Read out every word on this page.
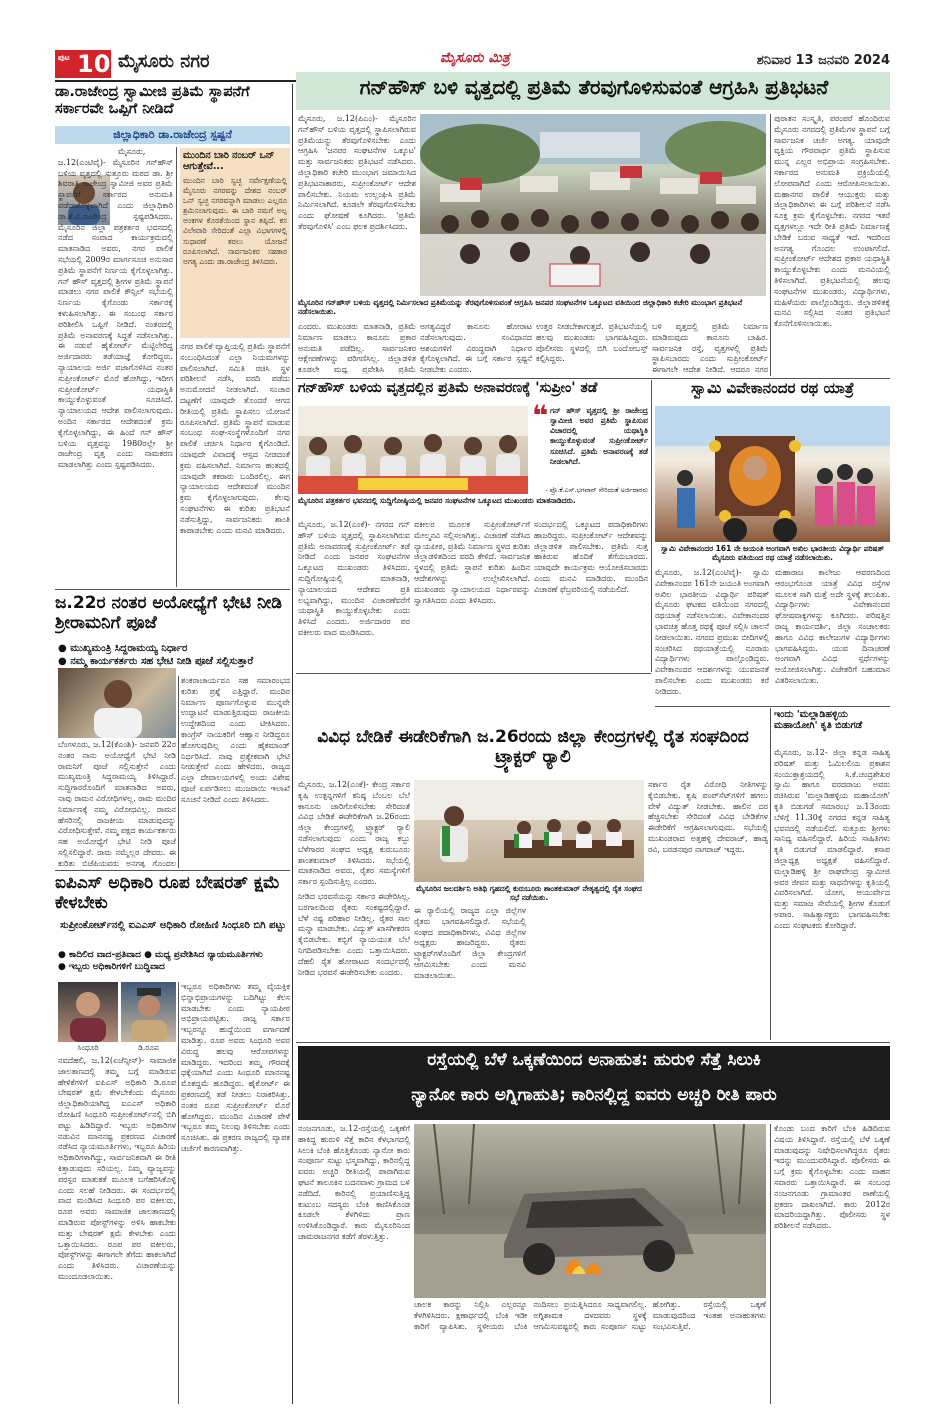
ಪುಟ 10 ಮೈಸೂರು ನಗರ	ಮೈಸೂರು ಮಿತ್ರ	ಶನಿವಾರ 13 ಜನವರಿ 2024
ಡಾ.ರಾಜೇಂದ್ರ ಸ್ವಾಮೀಜಿ ಪ್ರತಿಮೆ ಸ್ಥಾಪನೆಗೆ ಸರ್ಕಾರವೇ ಒಪ್ಪಿಗೆ ನೀಡಿದೆ
ಜಿಲ್ಲಾಧಿಕಾರಿ ಡಾ.ರಾಜೇಂದ್ರ ಸ್ಪಷ್ಟನೆ
ಮೈಸೂರು, ಜ.12(ಎಂಟಿವೈ)- ಮೈಸೂರಿನ ಗನ್‌ಹೌಸ್ ಬಳಿಯ ವೃತ್ತದಲ್ಲಿ ಸುತ್ತೂರು ಮಠದ ಡಾ. ಶ್ರೀ ಶಿವರಾತ್ರಿ ರಾಜೇಂದ್ರ ಸ್ವಾಮೀಜಿ ಅವರ ಪ್ರತಿಮೆ ಸ್ಥಾಪನೆಗೆ ಸರ್ಕಾರದ ಅನುಮತಿ ಪಡೆದುಕೊಳ್ಳಲಾಗಿದೆ ಎಂದು ಜಿಲ್ಲಾಧಿಕಾರಿ ಡಾ.ಕೆ.ವಿ.ರಾಜೇಂದ್ರ ಸ್ಪಷ್ಟಪಡಿಸಿದರು. ಮೈಸೂರಿನ ಜಿಲ್ಲಾ ಪತ್ರಕರ್ತರ ಭವನದಲ್ಲಿ ನಡೆದ ಸಂವಾದ ಕಾರ್ಯಕ್ರಮದಲ್ಲಿ ಮಾತನಾಡಿದ ಅವರು, ನಗರ ಪಾಲಿಕೆ ಸಭೆಯಲ್ಲಿ 2009ರ ಮಾರ್ಗಸೂಚಿ ಅನುಸಾರ ಪ್ರತಿಮೆ ಸ್ಥಾಪನೆಗೆ ನಿರ್ಣಯ ಕೈಗೊಳ್ಳಲಾಗಿತ್ತು. ಗನ್ ಹೌಸ್ ವೃತ್ತದಲ್ಲಿ ಶ್ರೀಗಳ ಪ್ರತಿಮೆ ಸ್ಥಾಪನೆ ಮಾಡಲು ನಗರ ಪಾಲಿಕೆ ಕೌನ್ಸಿಲ್ ಸಭೆಯಲ್ಲಿ ನಿರ್ಣಯ ಕೈಗೊಂಡು ಸರ್ಕಾರಕ್ಕೆ ಕಳುಹಿಸಲಾಗಿತ್ತು. ಈ ಸಂಬಂಧ ಸರ್ಕಾರ ಪರಿಶೀಲಿಸಿ ಒಪ್ಪಿಗೆ ನೀಡಿದೆ. ನಂತರದಲ್ಲಿ ಪ್ರತಿಮೆ ಅನಾವರಣಕ್ಕೆ ಸಿದ್ಧತೆ ನಡೆಸಲಾಗಿತ್ತು. ಈ ನಡುವೆ ಹೈಕೋರ್ಟ್ ಮೆಟ್ಟಿಲೇರಿದ್ದ ಅರ್ಜಿದಾರರು ತಡೆಯಾಜ್ಞೆ ಕೋರಿದ್ದರು. ನ್ಯಾಯಾಲಯ ಅರ್ಜಿ ವಜಾಗೊಳಿಸಿದ ನಂತರ ಸುಪ್ರೀಂಕೋರ್ಟ್ ಮೊರೆ ಹೋಗಿದ್ದು, ಇದೀಗ ಸುಪ್ರೀಂಕೋರ್ಟ್ ಯಥಾಸ್ಥಿತಿ ಕಾಯ್ದುಕೊಳ್ಳುವಂತೆ ಸೂಚಿಸಿದೆ. ನ್ಯಾಯಾಲಯದ ಆದೇಶ ಪಾಲಿಸಲಾಗುವುದು. ಅಂದಿನ ಸರ್ಕಾರದ ಆದೇಶದಂತೆ ಕ್ರಮ ಕೈಗೊಳ್ಳಲಾಗಿದ್ದು, ಈ ಹಿಂದೆ ಗನ್ ಹೌಸ್ ಬಳಿಯ ವೃತ್ತವನ್ನು 1980ರಲ್ಲೇ ಶ್ರೀ ರಾಜೇಂದ್ರ ವೃತ್ತ ಎಂದು ನಾಮಕರಣ ಮಾಡಲಾಗಿತ್ತು ಎಂದು ಸ್ಪಷ್ಟಪಡಿಸಿದರು.
ಮುಂದಿನ ಬಾರಿ ನಂಬರ್ ಒನ್ ಆಗುತ್ತೇವೆ...
ಮುಂದಿನ ಬಾರಿ ಸ್ವಚ್ಛ ಸರ್ವೇಕ್ಷಣೆಯಲ್ಲಿ ಮೈಸೂರು ನಗರವನ್ನು ದೇಶದ ನಂಬರ್ ಒನ್ ಸ್ವಚ್ಛ ನಗರವನ್ನಾಗಿ ಮಾಡಲು ಎಲ್ಲರೂ ಶ್ರಮಿಸಲಾಗುವುದು. ಈ ಬಾರಿ ನಮಗೆ ಅಲ್ಪ ಅಂಕಗಳ ಕೊರತೆಯಿಂದ ಸ್ಥಾನ ತಪ್ಪಿದೆ. ಕಸ ವಿಲೇವಾರಿ ಸೇರಿದಂತೆ ಎಲ್ಲಾ ವಿಭಾಗಗಳಲ್ಲಿ ಸುಧಾರಣೆ ತರಲು ಯೋಜನೆ ರೂಪಿಸಲಾಗಿದೆ. ಸಾರ್ವಜನಿಕರ ಸಹಕಾರ ಅಗತ್ಯ ಎಂದು ಡಾ.ರಾಜೇಂದ್ರ ತಿಳಿಸಿದರು.
ನಗರ ಪಾಲಿಕೆ ವ್ಯಾಪ್ತಿಯಲ್ಲಿ ಪ್ರತಿಮೆ ಸ್ಥಾಪನೆಗೆ ಸಂಬಂಧಿಸಿದಂತೆ ಎಲ್ಲಾ ನಿಯಮಗಳನ್ನು ಪಾಲಿಸಲಾಗಿದೆ. ಸಮಿತಿ ರಚಿಸಿ ಸ್ಥಳ ಪರಿಶೀಲನೆ ನಡೆಸಿ, ವರದಿ ಪಡೆದು ಅನುಮೋದನೆ ನೀಡಲಾಗಿದೆ. ಸಂಚಾರ ದಟ್ಟಣೆಗೆ ಯಾವುದೇ ತೊಂದರೆ ಆಗದ ರೀತಿಯಲ್ಲಿ ಪ್ರತಿಮೆ ಸ್ಥಾಪಿಸಲು ಯೋಜನೆ ರೂಪಿಸಲಾಗಿದೆ. ಪ್ರತಿಮೆ ಸ್ಥಾಪನೆ ಮಾಡುವ ಸಂಬಂಧ ಸಂಘ-ಸಂಸ್ಥೆಗಳೊಂದಿಗೆ ನಗರ ಪಾಲಿಕೆ ಚರ್ಚಿಸಿ ನಿರ್ಧಾರ ಕೈಗೊಂಡಿದೆ. ಯಾವುದೇ ವಿವಾದಕ್ಕೆ ಆಸ್ಪದ ನೀಡದಂತೆ ಕ್ರಮ ವಹಿಸಲಾಗಿದೆ. ನಿರ್ಮಾಣ ಹಂತದಲ್ಲಿ ಯಾವುದೇ ತಕರಾರು ಬಂದಿರಲಿಲ್ಲ. ಈಗ ನ್ಯಾಯಾಲಯದ ಆದೇಶದಂತೆ ಮುಂದಿನ ಕ್ರಮ ಕೈಗೊಳ್ಳಲಾಗುವುದು. ಕೆಲವು ಸಂಘಟನೆಗಳು ಈ ಕುರಿತು ಪ್ರತಿಭಟನೆ ನಡೆಸುತ್ತಿದ್ದು, ಸಾರ್ವಜನಿಕರು ಶಾಂತಿ ಕಾಪಾಡಬೇಕು ಎಂದು ಮನವಿ ಮಾಡಿದರು.
ಜ.22ರ ನಂತರ ಅಯೋಧ್ಯೆಗೆ ಭೇಟಿ ನೀಡಿ ಶ್ರೀರಾಮನಿಗೆ ಪೂಜೆ
● ಮುಖ್ಯಮಂತ್ರಿ ಸಿದ್ದರಾಮಯ್ಯ ನಿರ್ಧಾರ
● ನಮ್ಮ ಕಾರ್ಯಕರ್ತರು ಸಹ ಭೇಟಿ ನೀಡಿ ಪೂಜೆ ಸಲ್ಲಿಸುತ್ತಾರೆ
ಬೆಂಗಳೂರು, ಜ.12(ಕೆಎಂಶಿ)- ಜನವರಿ 22ರ ನಂತರ ನಾನು ಅಯೋಧ್ಯೆಗೆ ಭೇಟಿ ನೀಡಿ ರಾಮನಿಗೆ ಪೂಜೆ ಸಲ್ಲಿಸುತ್ತೇನೆ ಎಂದು ಮುಖ್ಯಮಂತ್ರಿ ಸಿದ್ದರಾಮಯ್ಯ ತಿಳಿಸಿದ್ದಾರೆ. ಸುದ್ದಿಗಾರರೊಂದಿಗೆ ಮಾತನಾಡಿದ ಅವರು, ನಾವು ರಾಮನ ವಿರೋಧಿಗಳಲ್ಲ. ರಾಮ ಮಂದಿರ ನಿರ್ಮಾಣಕ್ಕೆ ನಮ್ಮ ವಿರೋಧವಿಲ್ಲ. ರಾಮನ ಹೆಸರಿನಲ್ಲಿ ರಾಜಕೀಯ ಮಾಡುವುದನ್ನು ವಿರೋಧಿಸುತ್ತೇವೆ. ನಮ್ಮ ಪಕ್ಷದ ಕಾರ್ಯಕರ್ತರು ಸಹ ಅಯೋಧ್ಯೆಗೆ ಭೇಟಿ ನೀಡಿ ಪೂಜೆ ಸಲ್ಲಿಸಲಿದ್ದಾರೆ. ರಾಮ ನಮ್ಮೆಲ್ಲರ ದೇವರು. ಈ ಕುರಿತು ಬಿಜೆಪಿಯವರು ಅನಗತ್ಯ ಗೊಂದಲ
ಶಂಕರಾಚಾರ್ಯರೂ ಸಹ ಸಮಾರಂಭದ ಕುರಿತು ಪ್ರಶ್ನೆ ಎತ್ತಿದ್ದಾರೆ. ಮಂದಿರ ನಿರ್ಮಾಣ ಪೂರ್ಣಗೊಳ್ಳುವ ಮುನ್ನವೇ ಉದ್ಘಾಟನೆ ಮಾಡುತ್ತಿರುವುದು ರಾಜಕೀಯ ಉದ್ದೇಶದಿಂದ ಎಂದು ಟೀಕಿಸಿದರು. ಕಾಂಗ್ರೆಸ್ ನಾಯಕರಿಗೆ ಆಹ್ವಾನ ನೀಡಿದ್ದರೂ ಹೋಗುವುದಿಲ್ಲ ಎಂದು ಹೈಕಮಾಂಡ್ ನಿರ್ಧರಿಸಿದೆ. ನಾವು ಪ್ರತ್ಯೇಕವಾಗಿ ಭೇಟಿ ನೀಡುತ್ತೇವೆ ಎಂದು ಹೇಳಿದರು. ರಾಜ್ಯದ ಎಲ್ಲಾ ದೇವಾಲಯಗಳಲ್ಲಿ ಅಂದು ವಿಶೇಷ ಪೂಜೆ ಏರ್ಪಡಿಸಲು ಮುಜರಾಯಿ ಇಲಾಖೆ ಸೂಚನೆ ನೀಡಿದೆ ಎಂದು ತಿಳಿಸಿದರು.
ಐಪಿಎಸ್ ಅಧಿಕಾರಿ ರೂಪ ಬೇಷರತ್ ಕ್ಷಮೆ ಕೇಳಬೇಕು
ಸುಪ್ರೀಂಕೋರ್ಟ್‌ನಲ್ಲಿ ಐಎಎಸ್ ಅಧಿಕಾರಿ ರೋಹಿಣಿ ಸಿಂಧೂರಿ ಬಿಗಿ ಪಟ್ಟು
● ಕಾದಿಲಿದ ವಾದ-ಪ್ರತಿವಾದ ● ಮಧ್ಯ ಪ್ರವೇಶಿಸಿದ ನ್ಯಾಯಮೂರ್ತಿಗಳು
● ಇಬ್ಬರು ಅಧಿಕಾರಿಗಳಿಗೆ ಬುದ್ಧಿವಾದ
ಸಿಂಧೂರಿ	ಡಿ.ರೂಪ
ನವದೆಹಲಿ, ಜ.12(ಏಜೆನ್ಸೀಸ್)- ಸಾಮಾಜಿಕ ಜಾಲತಾಣದಲ್ಲಿ ತಮ್ಮ ಬಗ್ಗೆ ಮಾಡಿರುವ ಹೇಳಿಕೆಗಳಿಗೆ ಐಪಿಎಸ್ ಅಧಿಕಾರಿ ಡಿ.ರೂಪ ಬೇಷರತ್ ಕ್ಷಮೆ ಕೇಳಬೇಕೆಂದು ಮೈಸೂರು ಜಿಲ್ಲಾಧಿಕಾರಿಯಾಗಿದ್ದ ಐಎಎಸ್ ಅಧಿಕಾರಿ ರೋಹಿಣಿ ಸಿಂಧೂರಿ ಸುಪ್ರೀಂಕೋರ್ಟ್‌ನಲ್ಲಿ ಬಿಗಿ ಪಟ್ಟು ಹಿಡಿದಿದ್ದಾರೆ. ಇಬ್ಬರು ಅಧಿಕಾರಿಗಳ ನಡುವಿನ ಮಾನನಷ್ಟ ಪ್ರಕರಣದ ವಿಚಾರಣೆ ನಡೆಸಿದ ನ್ಯಾಯಮೂರ್ತಿಗಳು, ಇಬ್ಬರೂ ಹಿರಿಯ ಅಧಿಕಾರಿಗಳಾಗಿದ್ದು, ಸಾರ್ವಜನಿಕವಾಗಿ ಈ ರೀತಿ ಕಿತ್ತಾಡುವುದು ಸರಿಯಲ್ಲ. ನಿಮ್ಮ ವ್ಯಾಜ್ಯವನ್ನು ಪರಸ್ಪರ ಮಾತುಕತೆ ಮೂಲಕ ಬಗೆಹರಿಸಿಕೊಳ್ಳಿ ಎಂದು ಸಲಹೆ ನೀಡಿದರು. ಈ ಸಂದರ್ಭದಲ್ಲಿ ವಾದ ಮಂಡಿಸಿದ ಸಿಂಧೂರಿ ಪರ ವಕೀಲರು, ರೂಪ ಅವರು ಸಾಮಾಜಿಕ ಜಾಲತಾಣದಲ್ಲಿ ಮಾಡಿರುವ ಪೋಸ್ಟ್‌ಗಳನ್ನು ಅಳಿಸಿ ಹಾಕಬೇಕು ಮತ್ತು ಬೇಷರತ್ ಕ್ಷಮೆ ಕೇಳಬೇಕು ಎಂದು ಒತ್ತಾಯಿಸಿದರು. ರೂಪ ಪರ ವಕೀಲರು, ಪೋಸ್ಟ್‌ಗಳನ್ನು ಈಗಾಗಲೇ ತೆಗೆದು ಹಾಕಲಾಗಿದೆ ಎಂದು ತಿಳಿಸಿದರು. ವಿಚಾರಣೆಯನ್ನು ಮುಂದೂಡಲಾಯಿತು.
ಇಬ್ಬರೂ ಅಧಿಕಾರಿಗಳು ತಮ್ಮ ವೈಯಕ್ತಿಕ ಭಿನ್ನಾಭಿಪ್ರಾಯಗಳನ್ನು ಬದಿಗಿಟ್ಟು ಕೆಲಸ ಮಾಡಬೇಕು ಎಂದು ನ್ಯಾಯಪೀಠ ಅಭಿಪ್ರಾಯಪಟ್ಟಿತು. ರಾಜ್ಯ ಸರ್ಕಾರ ಇಬ್ಬರನ್ನೂ ಹುದ್ದೆಯಿಂದ ವರ್ಗಾವಣೆ ಮಾಡಿತ್ತು. ರೂಪ ಅವರು ಸಿಂಧೂರಿ ಅವರ ವಿರುದ್ಧ ಹಲವು ಆರೋಪಗಳನ್ನು ಮಾಡಿದ್ದರು. ಇದರಿಂದ ತಮ್ಮ ಗೌರವಕ್ಕೆ ಧಕ್ಕೆಯಾಗಿದೆ ಎಂದು ಸಿಂಧೂರಿ ಮಾನನಷ್ಟ ಮೊಕದ್ದಮೆ ಹೂಡಿದ್ದರು. ಹೈಕೋರ್ಟ್ ಈ ಪ್ರಕರಣದಲ್ಲಿ ತಡೆ ನೀಡಲು ನಿರಾಕರಿಸಿತ್ತು. ನಂತರ ರೂಪ ಸುಪ್ರೀಂಕೋರ್ಟ್ ಮೊರೆ ಹೋಗಿದ್ದರು. ಮುಂದಿನ ವಿಚಾರಣೆ ವೇಳೆ ಇಬ್ಬರೂ ತಮ್ಮ ನಿಲುವು ತಿಳಿಸಬೇಕು ಎಂದು ಸೂಚಿಸಿತು. ಈ ಪ್ರಕರಣ ರಾಜ್ಯದಲ್ಲಿ ವ್ಯಾಪಕ ಚರ್ಚೆಗೆ ಕಾರಣವಾಗಿತ್ತು.
ಗನ್‌ಹೌಸ್ ಬಳಿ ವೃತ್ತದಲ್ಲಿ ಪ್ರತಿಮೆ ತೆರವುಗೊಳಿಸುವಂತೆ ಆಗ್ರಹಿಸಿ ಪ್ರತಿಭಟನೆ
ಮೈಸೂರು, ಜ.12(ಪಿಎಂ)- ಮೈಸೂರಿನ ಗನ್‌ಹೌಸ್ ಬಳಿಯ ವೃತ್ತದಲ್ಲಿ ಸ್ಥಾಪಿಸಲಾಗಿರುವ ಪ್ರತಿಮೆಯನ್ನು ತೆರವುಗೊಳಿಸಬೇಕು ಎಂದು ಆಗ್ರಹಿಸಿ 'ಜನಪರ ಸಂಘಟನೆಗಳ ಒಕ್ಕೂಟ' ಮತ್ತು ಸಾರ್ವಜನಿಕರು ಪ್ರತಿಭಟನೆ ನಡೆಸಿದರು. ಜಿಲ್ಲಾಧಿಕಾರಿ ಕಚೇರಿ ಮುಂಭಾಗ ಜಮಾಯಿಸಿದ ಪ್ರತಿಭಟನಾಕಾರರು, ಸುಪ್ರೀಂಕೋರ್ಟ್ ಆದೇಶ ಪಾಲಿಸಬೇಕು. ನಿಯಮ ಉಲ್ಲಂಘಿಸಿ ಪ್ರತಿಮೆ ನಿರ್ಮಿಸಲಾಗಿದೆ. ಕೂಡಲೇ ತೆರವುಗೊಳಿಸಬೇಕು ಎಂದು ಘೋಷಣೆ ಕೂಗಿದರು. 'ಪ್ರತಿಮೆ ತೆರವುಗೊಳಿಸಿ' ಎಂಬ ಫಲಕ ಪ್ರದರ್ಶಿಸಿದರು.
ಮೈಸೂರಿನ ಗನ್‌ಹೌಸ್ ಬಳಿಯ ವೃತ್ತದಲ್ಲಿ ನಿರ್ಮಿಸಲಾದ ಪ್ರತಿಮೆಯನ್ನು ತೆರವುಗೊಳಿಸುವಂತೆ ಆಗ್ರಹಿಸಿ ಜನಪರ ಸಂಘಟನೆಗಳ ಒಕ್ಕೂಟದ ವತಿಯಿಂದ ಜಿಲ್ಲಾಧಿಕಾರಿ ಕಚೇರಿ ಮುಂಭಾಗ ಪ್ರತಿಭಟನೆ ನಡೆಸಲಾಯಿತು.
ಎಂದರು. ಮುಖಂಡರು ಮಾತನಾಡಿ, ಪ್ರತಿಮೆ ನಿರ್ಮಾಣ ಮಾಡಲು ಕಾನೂನು ಪ್ರಕಾರ ಅನುಮತಿ ಪಡೆದಿಲ್ಲ. ಸಾರ್ವಜನಿಕರ ಆಕ್ಷೇಪಣೆಗಳನ್ನು ಪರಿಗಣಿಸಿಲ್ಲ. ಜಿಲ್ಲಾಡಳಿತ ಕೂಡಲೇ ಮಧ್ಯ ಪ್ರವೇಶಿಸಿ ಪ್ರತಿಮೆ
ಅಗತ್ಯವಿದ್ದರೆ ಕಾನೂನು ಹೋರಾಟ ನಡೆಸಲಾಗುವುದು. ಸಂವಿಧಾನದ ಆಶಯಗಳಿಗೆ ವಿರುದ್ಧವಾಗಿ ನಿರ್ಧಾರ ಕೈಗೊಳ್ಳಲಾಗಿದೆ. ಈ ಬಗ್ಗೆ ಸರ್ಕಾರ ಸ್ಪಷ್ಟನೆ ನೀಡಬೇಕು ಎಂದರು.
ಉತ್ತರ ನೀಡಬೇಕಾಗುತ್ತದೆ. ಪ್ರತಿಭಟನೆಯಲ್ಲಿ ಹಲವು ಮುಖಂಡರು ಭಾಗವಹಿಸಿದ್ದರು. ಪೊಲೀಸರು ಸ್ಥಳದಲ್ಲಿ ಬಿಗಿ ಬಂದೋಬಸ್ತ್ ಕಲ್ಪಿಸಿದ್ದರು.
ಬಳಿ ವೃತ್ತದಲ್ಲಿ ಪ್ರತಿಮೆ ನಿರ್ಮಾಣ ಮಾಡಿರುವುದು ಕಾನೂನು ಬಾಹಿರ. ಸಾರ್ವಜನಿಕ ರಸ್ತೆ, ವೃತ್ತಗಳಲ್ಲಿ ಪ್ರತಿಮೆ ಸ್ಥಾಪಿಸಬಾರದು ಎಂದು ಸುಪ್ರೀಂಕೋರ್ಟ್ ಈಗಾಗಲೇ ಆದೇಶ ನೀಡಿದೆ. ಆದರೂ ನಗರ
ಪುರಾತನ ಸಂಸ್ಕೃತಿ, ಪರಂಪರೆ ಹೊಂದಿರುವ ಮೈಸೂರು ನಗರದಲ್ಲಿ ಪ್ರತಿಮೆಗಳ ಸ್ಥಾಪನೆ ಬಗ್ಗೆ ಸಾರ್ವಜನಿಕ ಚರ್ಚೆ ಅಗತ್ಯ. ಯಾವುದೇ ವ್ಯಕ್ತಿಯ ಗೌರವಾರ್ಥ ಪ್ರತಿಮೆ ಸ್ಥಾಪಿಸುವ ಮುನ್ನ ಎಲ್ಲರ ಅಭಿಪ್ರಾಯ ಸಂಗ್ರಹಿಸಬೇಕು. ಸರ್ಕಾರದ ಅನುಮತಿ ಪ್ರಕ್ರಿಯೆಯಲ್ಲಿ ಲೋಪವಾಗಿದೆ ಎಂದು ಆರೋಪಿಸಲಾಯಿತು. ಮಹಾನಗರ ಪಾಲಿಕೆ ಆಯುಕ್ತರು ಮತ್ತು ಜಿಲ್ಲಾಧಿಕಾರಿಗಳು ಈ ಬಗ್ಗೆ ಪರಿಶೀಲನೆ ನಡೆಸಿ ಸೂಕ್ತ ಕ್ರಮ ಕೈಗೊಳ್ಳಬೇಕು. ನಗರದ ಇತರೆ ವೃತ್ತಗಳಲ್ಲೂ ಇದೇ ರೀತಿ ಪ್ರತಿಮೆ ನಿರ್ಮಾಣಕ್ಕೆ ಬೇಡಿಕೆ ಬರುವ ಸಾಧ್ಯತೆ ಇದೆ. ಇದರಿಂದ ಅನಗತ್ಯ ಗೊಂದಲ ಉಂಟಾಗಲಿದೆ. ಸುಪ್ರೀಂಕೋರ್ಟ್ ಆದೇಶದ ಪ್ರಕಾರ ಯಥಾಸ್ಥಿತಿ ಕಾಯ್ದುಕೊಳ್ಳಬೇಕು ಎಂದು ಮನವಿಯಲ್ಲಿ ತಿಳಿಸಲಾಗಿದೆ. ಪ್ರತಿಭಟನೆಯಲ್ಲಿ ಹಲವು ಸಂಘಟನೆಗಳ ಮುಖಂಡರು, ವಿದ್ಯಾರ್ಥಿಗಳು, ಮಹಿಳೆಯರು ಪಾಲ್ಗೊಂಡಿದ್ದರು. ಜಿಲ್ಲಾಡಳಿತಕ್ಕೆ ಮನವಿ ಸಲ್ಲಿಸಿದ ನಂತರ ಪ್ರತಿಭಟನೆ ಕೊನೆಗೊಳಿಸಲಾಯಿತು.
ಗನ್‌ಹೌಸ್ ಬಳಿಯ ವೃತ್ತದಲ್ಲಿನ ಪ್ರತಿಮೆ ಅನಾವರಣಕ್ಕೆ 'ಸುಪ್ರೀಂ' ತಡೆ
❝ ಗನ್ ಹೌಸ್ ವೃತ್ತದಲ್ಲಿ ಶ್ರೀ ರಾಜೇಂದ್ರ ಸ್ವಾಮೀಜಿ ಅವರ ಪ್ರತಿಮೆ ಸ್ಥಾಪಿಸುವ ವಿಚಾರದಲ್ಲಿ ಯಥಾಸ್ಥಿತಿ ಕಾಯ್ದುಕೊಳ್ಳುವಂತೆ ಸುಪ್ರೀಂಕೋರ್ಟ್ ಸೂಚಿಸಿದೆ. ಪ್ರತಿಮೆ ಅನಾವರಣಕ್ಕೆ ತಡೆ ನೀಡಲಾಗಿದೆ.
- ಪ್ರೊ.ಕೆ.ಎಸ್.ಭಗವಾನ್ ಸೇರಿದಂತೆ ಅರ್ಜಿದಾರರು
ಮೈಸೂರಿನ ಪತ್ರಕರ್ತರ ಭವನದಲ್ಲಿ ಸುದ್ದಿಗೋಷ್ಠಿಯಲ್ಲಿ ಜನಪರ ಸಂಘಟನೆಗಳ ಒಕ್ಕೂಟದ ಮುಖಂಡರು ಮಾತನಾಡಿದರು.
ಮೈಸೂರು, ಜ.12(ಎಂಕೆ)- ನಗರದ ಗನ್ ಹೌಸ್ ಬಳಿಯ ವೃತ್ತದಲ್ಲಿ ಸ್ಥಾಪಿಸಲಾಗಿರುವ ಪ್ರತಿಮೆ ಅನಾವರಣಕ್ಕೆ ಸುಪ್ರೀಂಕೋರ್ಟ್ ತಡೆ ನೀಡಿದೆ ಎಂದು ಜನಪರ ಸಂಘಟನೆಗಳ ಒಕ್ಕೂಟದ ಮುಖಂಡರು ತಿಳಿಸಿದರು. ಸುದ್ದಿಗೋಷ್ಠಿಯಲ್ಲಿ ಮಾತನಾಡಿ, ನ್ಯಾಯಾಲಯದ ಆದೇಶದ ಪ್ರತಿ ಲಭ್ಯವಾಗಿದ್ದು, ಮುಂದಿನ ವಿಚಾರಣೆವರೆಗೆ ಯಥಾಸ್ಥಿತಿ ಕಾಯ್ದುಕೊಳ್ಳಬೇಕು ಎಂದು ತಿಳಿಸಿದೆ ಎಂದರು. ಅರ್ಜಿದಾರರ ಪರ ವಕೀಲರು ವಾದ ಮಂಡಿಸಿದರು.
ವಕೀಲರ ಮೂಲಕ ಸುಪ್ರೀಂಕೋರ್ಟ್‌ಗೆ ಮೇಲ್ಮನವಿ ಸಲ್ಲಿಸಲಾಗಿತ್ತು. ವಿಚಾರಣೆ ನಡೆಸಿದ ನ್ಯಾಯಪೀಠ, ಪ್ರತಿಮೆ ನಿರ್ಮಾಣ ಸ್ಥಳದ ಕುರಿತು ಜಿಲ್ಲಾಡಳಿತದಿಂದ ವರದಿ ಕೇಳಿದೆ. ಸಾರ್ವಜನಿಕ ಸ್ಥಳದಲ್ಲಿ ಪ್ರತಿಮೆ ಸ್ಥಾಪನೆ ಕುರಿತು ಹಿಂದಿನ ಆದೇಶಗಳನ್ನು ಉಲ್ಲೇಖಿಸಲಾಗಿದೆ. ಮುಖಂಡರು ನ್ಯಾಯಾಲಯದ ನಿರ್ಧಾರವನ್ನು ಸ್ವಾಗತಿಸಿದರು ಎಂದು ತಿಳಿಸಿದರು.
ಸಂದರ್ಭದಲ್ಲಿ ಒಕ್ಕೂಟದ ಪದಾಧಿಕಾರಿಗಳು ಹಾಜರಿದ್ದರು. ಸುಪ್ರೀಂಕೋರ್ಟ್ ಆದೇಶವನ್ನು ಜಿಲ್ಲಾಡಳಿತ ಪಾಲಿಸಬೇಕು. ಪ್ರತಿಮೆ ಸುತ್ತ ಹಾಕಿರುವ ಹೊದಿಕೆ ತೆಗೆಯಬಾರದು. ಯಾವುದೇ ಕಾರ್ಯಕ್ರಮ ಆಯೋಜಿಸಬಾರದು ಎಂದು ಮನವಿ ಮಾಡಿದರು. ಮುಂದಿನ ವಿಚಾರಣೆ ಫೆಬ್ರವರಿಯಲ್ಲಿ ನಡೆಯಲಿದೆ.
ಸ್ವಾಮಿ ವಿವೇಕಾನಂದರ ರಥ ಯಾತ್ರೆ
ಸ್ವಾಮಿ ವಿವೇಕಾನಂದರ 161 ನೇ ಜಯಂತಿ ಅಂಗವಾಗಿ ಅಖಿಲ ಭಾರತೀಯ ವಿದ್ಯಾರ್ಥಿ ಪರಿಷತ್ ಮೈಸೂರು ವತಿಯಿಂದ ರಥ ಯಾತ್ರೆ ನಡೆಸಲಾಯಿತು.
ಮೈಸೂರು, ಜ.12(ಎಂಟಿವೈ)- ಸ್ವಾಮಿ ವಿವೇಕಾನಂದರ 161ನೇ ಜಯಂತಿ ಅಂಗವಾಗಿ ಅಖಿಲ ಭಾರತೀಯ ವಿದ್ಯಾರ್ಥಿ ಪರಿಷತ್ ಮೈಸೂರು ಘಟಕದ ವತಿಯಿಂದ ನಗರದಲ್ಲಿ ರಥಯಾತ್ರೆ ನಡೆಸಲಾಯಿತು. ವಿವೇಕಾನಂದರ ಭಾವಚಿತ್ರ ಹೊತ್ತ ರಥಕ್ಕೆ ಪೂಜೆ ಸಲ್ಲಿಸಿ ಚಾಲನೆ ನೀಡಲಾಯಿತು. ನಗರದ ಪ್ರಮುಖ ಬೀದಿಗಳಲ್ಲಿ ಸಂಚರಿಸಿದ ರಥಯಾತ್ರೆಯಲ್ಲಿ ನೂರಾರು ವಿದ್ಯಾರ್ಥಿಗಳು ಪಾಲ್ಗೊಂಡಿದ್ದರು. ವಿವೇಕಾನಂದರ ಆದರ್ಶಗಳನ್ನು ಯುವಜನತೆ ಪಾಲಿಸಬೇಕು ಎಂದು ಮುಖಂಡರು ಕರೆ ನೀಡಿದರು.
ಮಹಾರಾಜ ಕಾಲೇಜು ಆವರಣದಿಂದ ಆರಂಭಗೊಂಡ ಯಾತ್ರೆ ವಿವಿಧ ರಸ್ತೆಗಳ ಮೂಲಕ ಸಾಗಿ ಮತ್ತೆ ಅದೇ ಸ್ಥಳಕ್ಕೆ ತಲುಪಿತು. ವಿದ್ಯಾರ್ಥಿಗಳು ವಿವೇಕಾನಂದರ ಘೋಷವಾಕ್ಯಗಳನ್ನು ಕೂಗಿದರು. ಪರಿಷತ್ತಿನ ರಾಜ್ಯ ಕಾರ್ಯದರ್ಶಿ, ಜಿಲ್ಲಾ ಸಂಚಾಲಕರು ಹಾಗೂ ವಿವಿಧ ಕಾಲೇಜುಗಳ ವಿದ್ಯಾರ್ಥಿಗಳು ಭಾಗವಹಿಸಿದ್ದರು. ಯುವ ದಿನಾಚರಣೆ ಅಂಗವಾಗಿ ವಿವಿಧ ಸ್ಪರ್ಧೆಗಳನ್ನು ಆಯೋಜಿಸಲಾಗಿತ್ತು. ವಿಜೇತರಿಗೆ ಬಹುಮಾನ ವಿತರಿಸಲಾಯಿತು.
ವಿವಿಧ ಬೇಡಿಕೆ ಈಡೇರಿಕೆಗಾಗಿ ಜ.26ರಂದು ಜಿಲ್ಲಾ ಕೇಂದ್ರಗಳಲ್ಲಿ ರೈತ ಸಂಘದಿಂದ ಟ್ರ್ಯಾಕ್ಟರ್ ರ್‍ಯಾಲಿ
ಮೈಸೂರು, ಜ.12(ಎಂಕೆ)- ಕೇಂದ್ರ ಸರ್ಕಾರ ಕೃಷಿ ಉತ್ಪನ್ನಗಳಿಗೆ ಕನಿಷ್ಠ ಬೆಂಬಲ ಬೆಲೆ ಕಾನೂನು ಜಾರಿಗೊಳಿಸಬೇಕು ಸೇರಿದಂತೆ ವಿವಿಧ ಬೇಡಿಕೆ ಈಡೇರಿಕೆಗಾಗಿ ಜ.26ರಂದು ಜಿಲ್ಲಾ ಕೇಂದ್ರಗಳಲ್ಲಿ ಟ್ರ್ಯಾಕ್ಟರ್ ರ್‍ಯಾಲಿ ನಡೆಸಲಾಗುವುದು ಎಂದು ರಾಜ್ಯ ಕಬ್ಬು ಬೆಳೆಗಾರರ ಸಂಘದ ಅಧ್ಯಕ್ಷ ಕುರುಬೂರು ಶಾಂತಕುಮಾರ್ ತಿಳಿಸಿದರು. ಸಭೆಯಲ್ಲಿ ಮಾತನಾಡಿದ ಅವರು, ರೈತರ ಸಮಸ್ಯೆಗಳಿಗೆ ಸರ್ಕಾರ ಸ್ಪಂದಿಸುತ್ತಿಲ್ಲ ಎಂದರು.
ಮೈಸೂರಿನ ಜಲದರ್ಶಿನಿ ಅತಿಥಿ ಗೃಹದಲ್ಲಿ ಕುರುಬೂರು ಶಾಂತಕುಮಾರ್ ನೇತೃತ್ವದಲ್ಲಿ ರೈತ ಸಂಘದ ಸಭೆ ನಡೆಯಿತು.
ಸರ್ಕಾರ ರೈತ ವಿರೋಧಿ ನೀತಿಗಳನ್ನು ಕೈಬಿಡಬೇಕು. ಕೃಷಿ ಪಂಪ್‌ಸೆಟ್‌ಗಳಿಗೆ ಹಗಲು ವೇಳೆ ವಿದ್ಯುತ್ ನೀಡಬೇಕು. ಹಾಲಿನ ದರ ಹೆಚ್ಚಿಸಬೇಕು ಸೇರಿದಂತೆ ವಿವಿಧ ಬೇಡಿಕೆಗಳ ಈಡೇರಿಕೆಗೆ ಆಗ್ರಹಿಸಲಾಗುವುದು. ಸಭೆಯಲ್ಲಿ ಮುಖಂಡರಾದ ಅತ್ತಹಳ್ಳಿ ದೇವರಾಜ್, ಹಾಡ್ಯ ರವಿ, ಬರಡನಪುರ ನಾಗರಾಜ್ ಇದ್ದರು.
ನೀಡಿದ ಭರವಸೆಯನ್ನು ಸರ್ಕಾರ ಈಡೇರಿಸಿಲ್ಲ. ಬರಗಾಲದಿಂದ ರೈತರು ಸಂಕಷ್ಟದಲ್ಲಿದ್ದಾರೆ. ಬೆಳೆ ನಷ್ಟ ಪರಿಹಾರ ನೀಡಿಲ್ಲ. ರೈತರ ಸಾಲ ಮನ್ನಾ ಮಾಡಬೇಕು. ವಿದ್ಯುತ್ ಖಾಸಗೀಕರಣ ಕೈಬಿಡಬೇಕು. ಕಬ್ಬಿಗೆ ನ್ಯಾಯಯುತ ಬೆಲೆ ನಿಗದಿಪಡಿಸಬೇಕು ಎಂದು ಒತ್ತಾಯಿಸಿದರು. ದೆಹಲಿ ರೈತ ಹೋರಾಟದ ಸಂದರ್ಭದಲ್ಲಿ ನೀಡಿದ ಭರವಸೆ ಈಡೇರಿಸಬೇಕು ಎಂದರು.
ಈ ರ್‍ಯಾಲಿಯಲ್ಲಿ ರಾಜ್ಯದ ಎಲ್ಲಾ ಜಿಲ್ಲೆಗಳ ರೈತರು ಭಾಗವಹಿಸಲಿದ್ದಾರೆ. ಸಭೆಯಲ್ಲಿ ಸಂಘದ ಪದಾಧಿಕಾರಿಗಳು, ವಿವಿಧ ಜಿಲ್ಲೆಗಳ ಅಧ್ಯಕ್ಷರು ಹಾಜರಿದ್ದರು. ರೈತರು ಟ್ರ್ಯಾಕ್ಟರ್‌ಗಳೊಂದಿಗೆ ಜಿಲ್ಲಾ ಕೇಂದ್ರಗಳಿಗೆ ಆಗಮಿಸಬೇಕು ಎಂದು ಮನವಿ ಮಾಡಲಾಯಿತು.
ಇಂದು 'ಮಲ್ಲಾಡಿಹಳ್ಳಿಯ ಮಹಾಯೋಗಿ' ಕೃತಿ ಬಿಡುಗಡೆ
ಮೈಸೂರು, ಜ.12- ಜಿಲ್ಲಾ ಕನ್ನಡ ಸಾಹಿತ್ಯ ಪರಿಷತ್ ಮತ್ತು ಓಮಿಲಲಿಯ ಪ್ರಕಾಶನ ಸಂಯುಕ್ತಾಶ್ರಯದಲ್ಲಿ ಸಿ.ಕೆ.ಚಂದ್ರಶೇಖರ ಸ್ವಾಮಿ ಹಾಗೂ ವರದರಾಜು ಅವರು ರಚಿಸಿರುವ 'ಮಲ್ಲಾಡಿಹಳ್ಳಿಯ ಮಹಾಯೋಗಿ' ಕೃತಿ ಬಿಡುಗಡೆ ಸಮಾರಂಭ ಜ.13ರಂದು ಬೆಳಿಗ್ಗೆ 11.30ಕ್ಕೆ ನಗರದ ಕನ್ನಡ ಸಾಹಿತ್ಯ ಭವನದಲ್ಲಿ ನಡೆಯಲಿದೆ. ಸುತ್ತೂರು ಶ್ರೀಗಳು ಸಾನಿಧ್ಯ ವಹಿಸಲಿದ್ದಾರೆ. ಹಿರಿಯ ಸಾಹಿತಿಗಳು ಕೃತಿ ಬಿಡುಗಡೆ ಮಾಡಲಿದ್ದಾರೆ. ಕಸಾಪ ಜಿಲ್ಲಾಧ್ಯಕ್ಷ ಅಧ್ಯಕ್ಷತೆ ವಹಿಸಲಿದ್ದಾರೆ. ಮಲ್ಲಾಡಿಹಳ್ಳಿ ಶ್ರೀ ರಾಘವೇಂದ್ರ ಸ್ವಾಮೀಜಿ ಅವರ ಜೀವನ ಮತ್ತು ಸಾಧನೆಗಳನ್ನು ಕೃತಿಯಲ್ಲಿ ವಿವರಿಸಲಾಗಿದೆ. ಯೋಗ, ಆಯುರ್ವೇದ ಮತ್ತು ಸಮಾಜ ಸೇವೆಯಲ್ಲಿ ಶ್ರೀಗಳ ಕೊಡುಗೆ ಅಪಾರ. ಸಾಹಿತ್ಯಾಸಕ್ತರು ಭಾಗವಹಿಸಬೇಕು ಎಂದು ಸಂಘಟಕರು ಕೋರಿದ್ದಾರೆ.
ರಸ್ತೆಯಲ್ಲಿ ಬೆಳೆ ಒಕ್ಕಣೆಯಿಂದ ಅನಾಹುತ: ಹುರುಳಿ ಸೆತ್ತೆ ಸಿಲುಕಿ
ನ್ಯಾನೋ ಕಾರು ಅಗ್ನಿಗಾಹುತಿ; ಕಾರಿನಲ್ಲಿದ್ದ ಐವರು ಅಚ್ಚರಿ ರೀತಿ ಪಾರು
ನಂಜನಗೂಡು, ಜ.12-ರಸ್ತೆಯಲ್ಲಿ ಒಕ್ಕಣೆಗೆ ಹಾಕಿದ್ದ ಹುರುಳಿ ಸೆತ್ತೆ ಕಾರಿನ ಕೆಳಭಾಗದಲ್ಲಿ ಸಿಲುಕಿ ಬೆಂಕಿ ಹೊತ್ತಿಕೊಂಡು ನ್ಯಾನೋ ಕಾರು ಸಂಪೂರ್ಣ ಸುಟ್ಟು ಭಸ್ಮವಾಗಿದ್ದು, ಕಾರಿನಲ್ಲಿದ್ದ ಐವರು ಅಚ್ಚರಿ ರೀತಿಯಲ್ಲಿ ಪಾರಾಗಿರುವ ಘಟನೆ ತಾಲೂಕಿನ ಬದನವಾಳು ಗ್ರಾಮದ ಬಳಿ ನಡೆದಿದೆ. ಕಾರಿನಲ್ಲಿ ಪ್ರಯಾಣಿಸುತ್ತಿದ್ದ ಕುಟುಂಬ ಸದಸ್ಯರು ಬೆಂಕಿ ಕಾಣಿಸಿಕೊಂಡ ಕೂಡಲೇ ಕೆಳಗಿಳಿದು ಪ್ರಾಣ ಉಳಿಸಿಕೊಂಡಿದ್ದಾರೆ. ಕಾರು ಮೈಸೂರಿನಿಂದ ಚಾಮರಾಜನಗರ ಕಡೆಗೆ ತೆರಳುತ್ತಿತ್ತು.
ಚಾಲಕ ಕಾರನ್ನು ನಿಲ್ಲಿಸಿ ಎಲ್ಲರನ್ನೂ ಕೆಳಗಿಳಿಸಿದರು. ಕ್ಷಣಾರ್ಧದಲ್ಲಿ ಬೆಂಕಿ ಇಡೀ ಕಾರಿಗೆ ವ್ಯಾಪಿಸಿತು. ಸ್ಥಳೀಯರು ಬೆಂಕಿ ನಂದಿಸಲು ಪ್ರಯತ್ನಿಸಿದರೂ ಸಾಧ್ಯವಾಗಲಿಲ್ಲ. ಅಗ್ನಿಶಾಮಕ ದಳದವರು ಸ್ಥಳಕ್ಕೆ ಆಗಮಿಸುವಷ್ಟರಲ್ಲಿ ಕಾರು ಸಂಪೂರ್ಣ ಸುಟ್ಟು ಹೋಗಿತ್ತು. ರಸ್ತೆಯಲ್ಲಿ ಒಕ್ಕಣೆ ಮಾಡುವುದರಿಂದ ಇಂತಹ ಅನಾಹುತಗಳು ಸಂಭವಿಸುತ್ತಿವೆ.
ಕೊಂಡು ಬಂದ ಕಾರಿಗೆ ಬೆಂಕಿ ಹಿಡಿದಿರುವ ವಿಷಯ ತಿಳಿಸಿದ್ದಾರೆ. ರಸ್ತೆಯಲ್ಲಿ ಬೆಳೆ ಒಕ್ಕಣೆ ಮಾಡುವುದನ್ನು ನಿಷೇಧಿಸಲಾಗಿದ್ದರೂ ರೈತರು ಇದನ್ನು ಮುಂದುವರಿಸಿದ್ದಾರೆ. ಪೊಲೀಸರು ಈ ಬಗ್ಗೆ ಕ್ರಮ ಕೈಗೊಳ್ಳಬೇಕು ಎಂದು ವಾಹನ ಸವಾರರು ಒತ್ತಾಯಿಸಿದ್ದಾರೆ. ಈ ಸಂಬಂಧ ನಂಜನಗೂಡು ಗ್ರಾಮಾಂತರ ಠಾಣೆಯಲ್ಲಿ ಪ್ರಕರಣ ದಾಖಲಾಗಿದೆ. ಕಾರು 2012ರ ಮಾದರಿಯದ್ದಾಗಿತ್ತು. ಪೊಲೀಸರು ಸ್ಥಳ ಪರಿಶೀಲನೆ ನಡೆಸಿದರು.
